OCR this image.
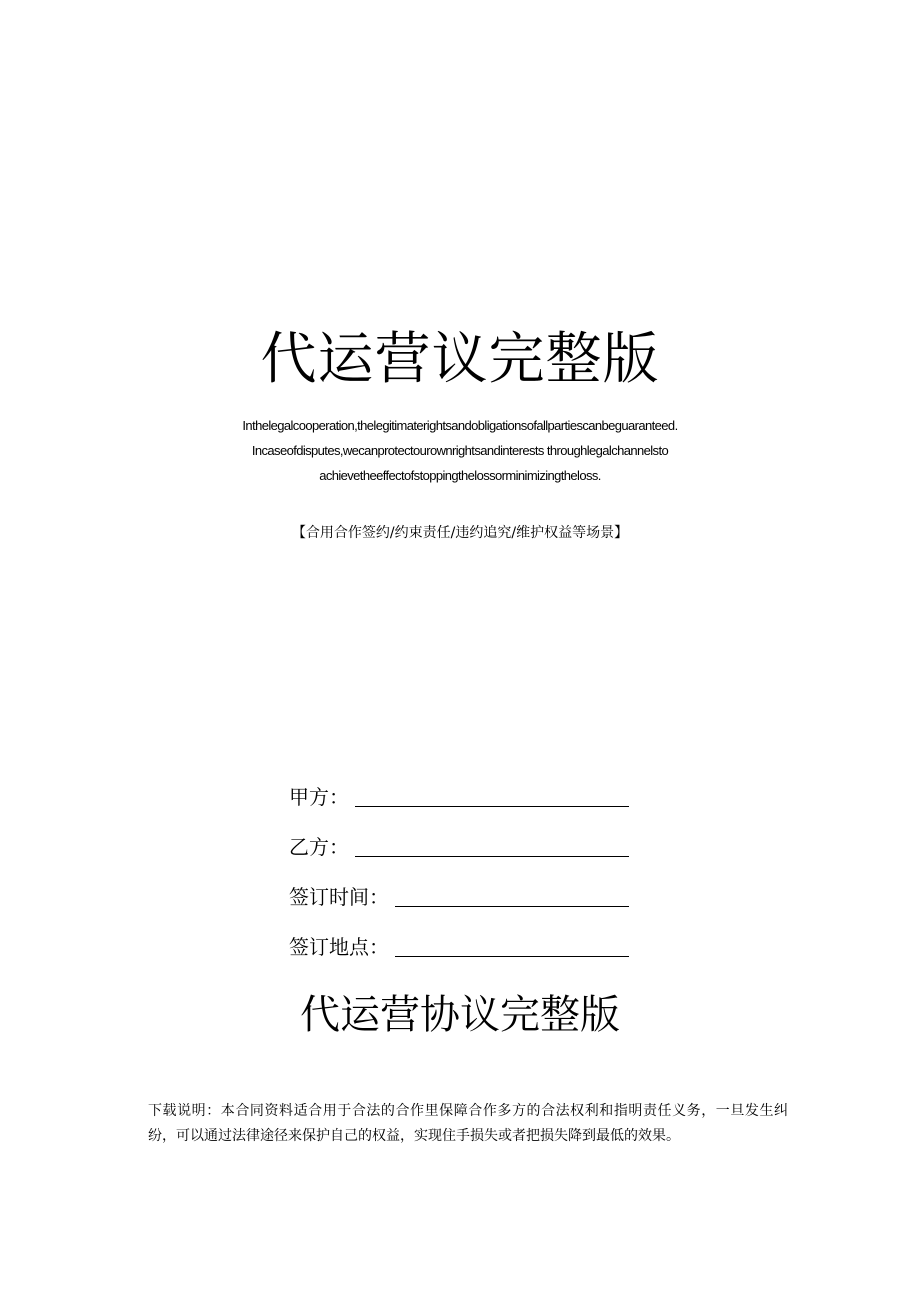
代运营议完整版
Inthelegalcooperation,thelegitimaterightsandobligationsofallpartiescanbeguaranteed.
Incaseofdisputes,wecanprotectourownrightsandinterests throughlegalchannelsto
achievetheeffectofstoppingthelossorminimizingtheloss.
【合用合作签约/约束责任/违约追究/维护权益等场景】
甲方：
乙方：
签订时间：
签订地点：
代运营协议完整版
下载说明：本合同资料适合用于合法的合作里保障合作多方的合法权利和指明责任义务，一旦发生纠纷，可以通过法律途径来保护自己的权益，实现住手损失或者把损失降到最低的效果。
